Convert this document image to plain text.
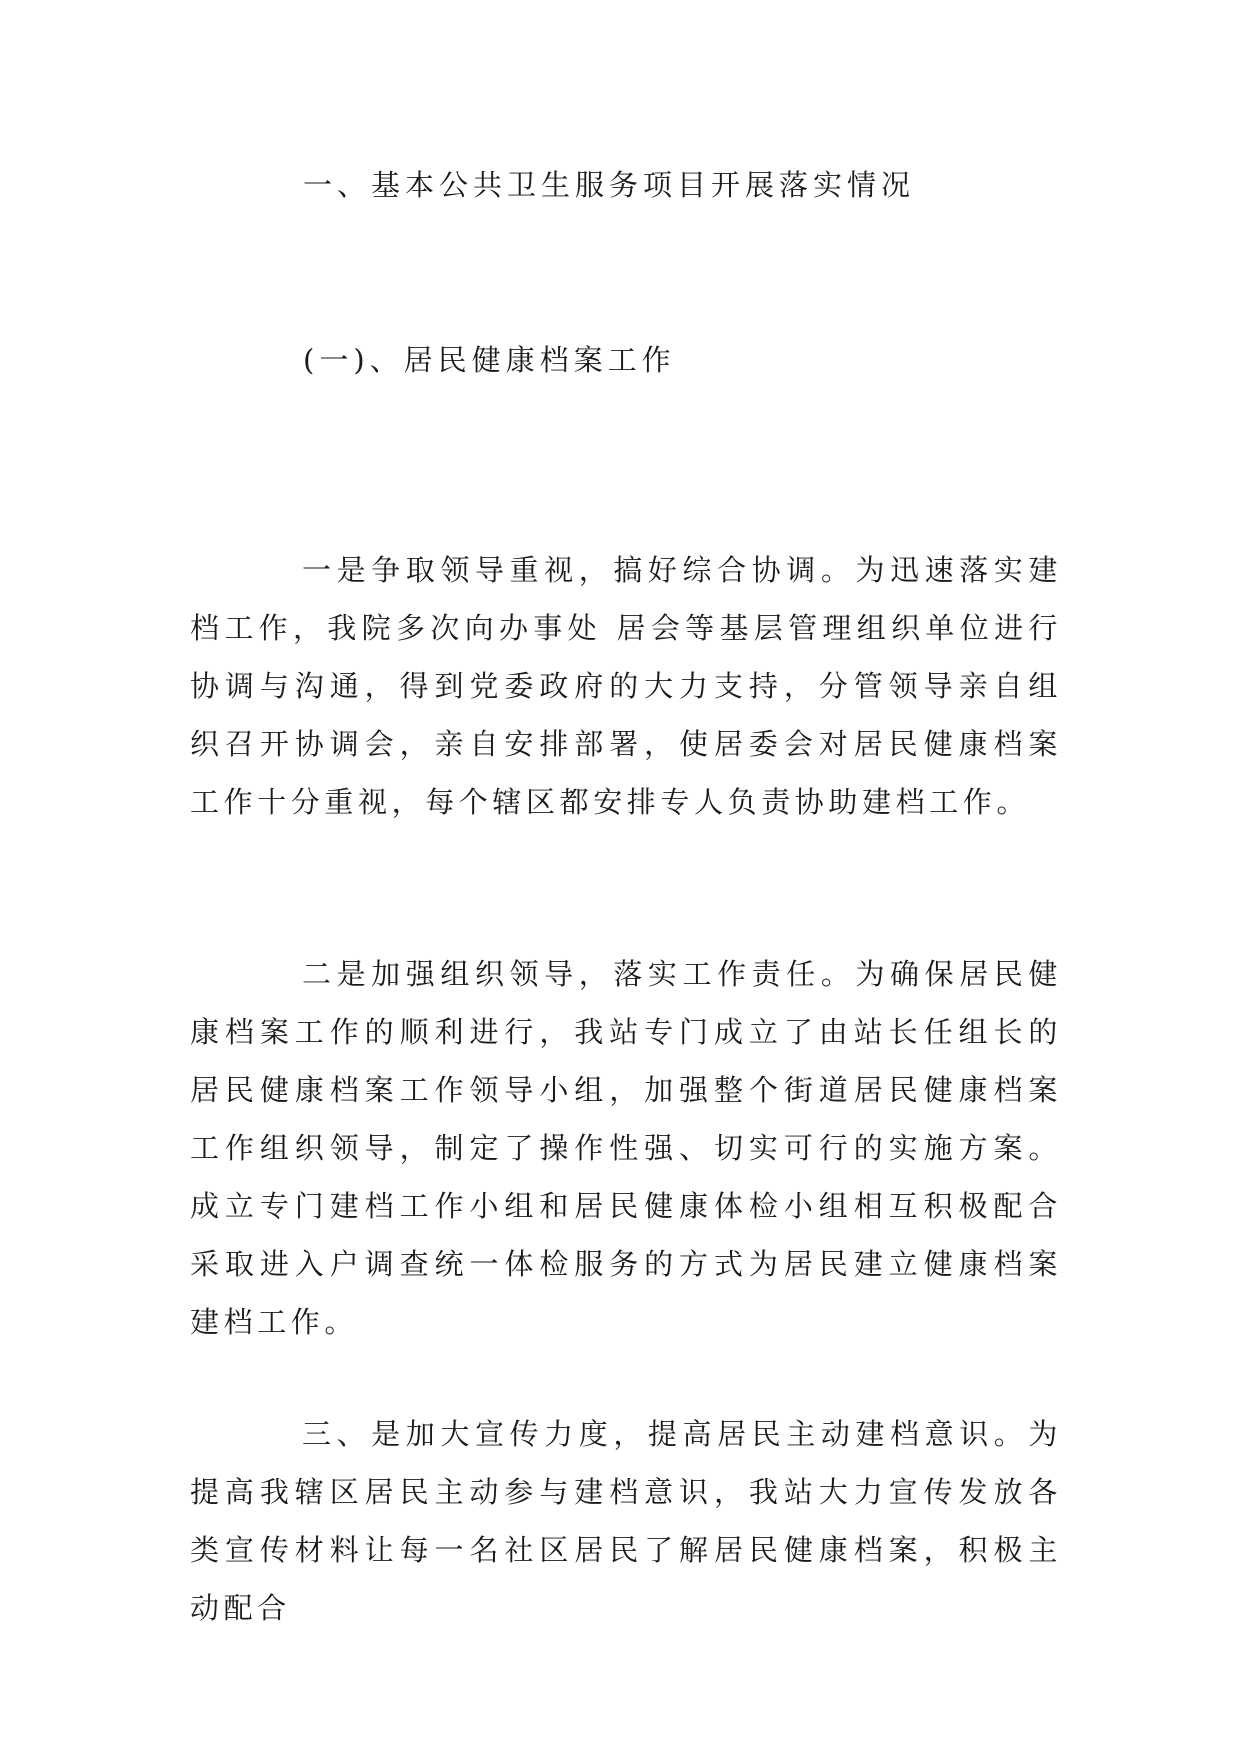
一、基本公共卫生服务项目开展落实情况
(一)、居民健康档案工作

一是争取领导重视，搞好综合协调。为迅速落实建档工作，我院多次向办事处 居会等基层管理组织单位进行协调与沟通，得到党委政府的大力支持，分管领导亲自组织召开协调会，亲自安排部署，使居委会对居民健康档案工作十分重视，每个辖区都安排专人负责协助建档工作。

二是加强组织领导，落实工作责任。为确保居民健康档案工作的顺利进行，我站专门成立了由站长任组长的居民健康档案工作领导小组，加强整个街道居民健康档案工作组织领导，制定了操作性强、切实可行的实施方案。成立专门建档工作小组和居民健康体检小组相互积极配合采取进入户调查统一体检服务的方式为居民建立健康档案建档工作。

三、是加大宣传力度，提高居民主动建档意识。为提高我辖区居民主动参与建档意识，我站大力宣传发放各类宣传材料让每一名社区居民了解居民健康档案，积极主动配合
